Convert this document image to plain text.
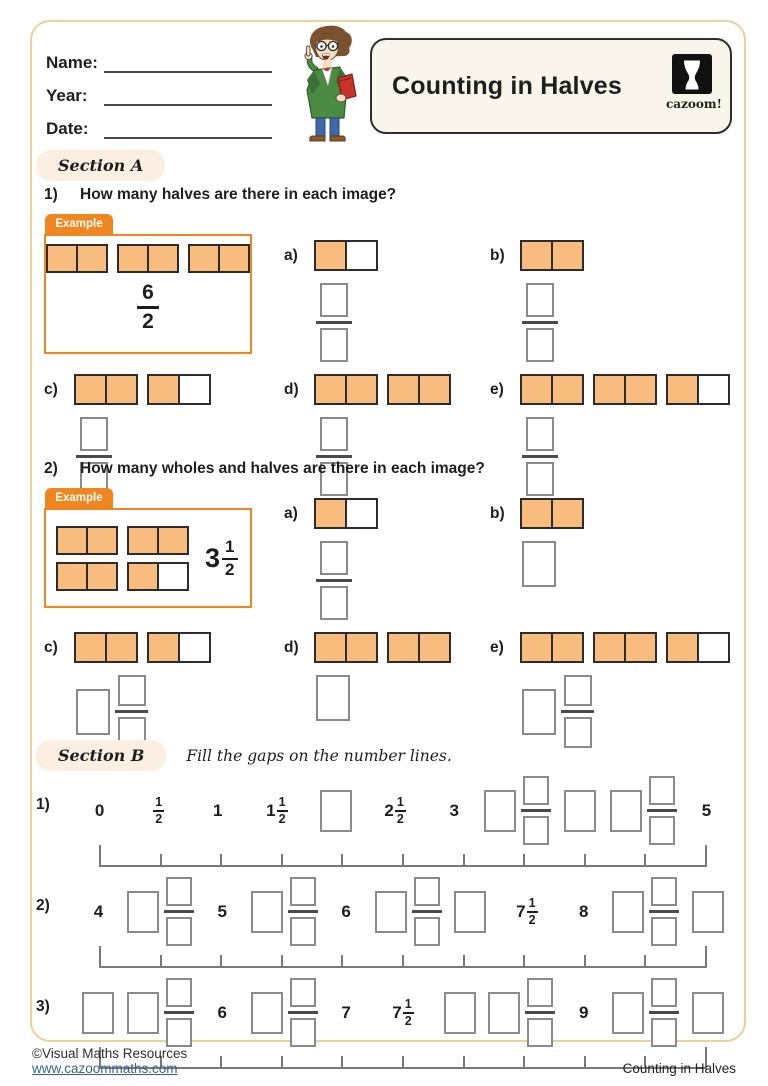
Name:
Year:
Date:
Counting in Halves
cazoom!
Section A
1)	How many halves are there in each image?
Example
6
2
a)	b)
c)	d)	e)
2)	How many wholes and halves are there in each image?
Example
$3 \frac{1}{2}$
a)	b)
c)	d)	e)
Section B	Fill the gaps on the number lines.
1)	0	$\frac{1}{2}$	1	$1 \frac{1}{2}$	$2 \frac{1}{2}$	3	5
2)	4	5	6	$7 \frac{1}{2} 8$
3)	6	7 $7 \frac{1}{2}$	9
©Visual Maths Resources
www.cazoommaths.com	Counting in Halves
